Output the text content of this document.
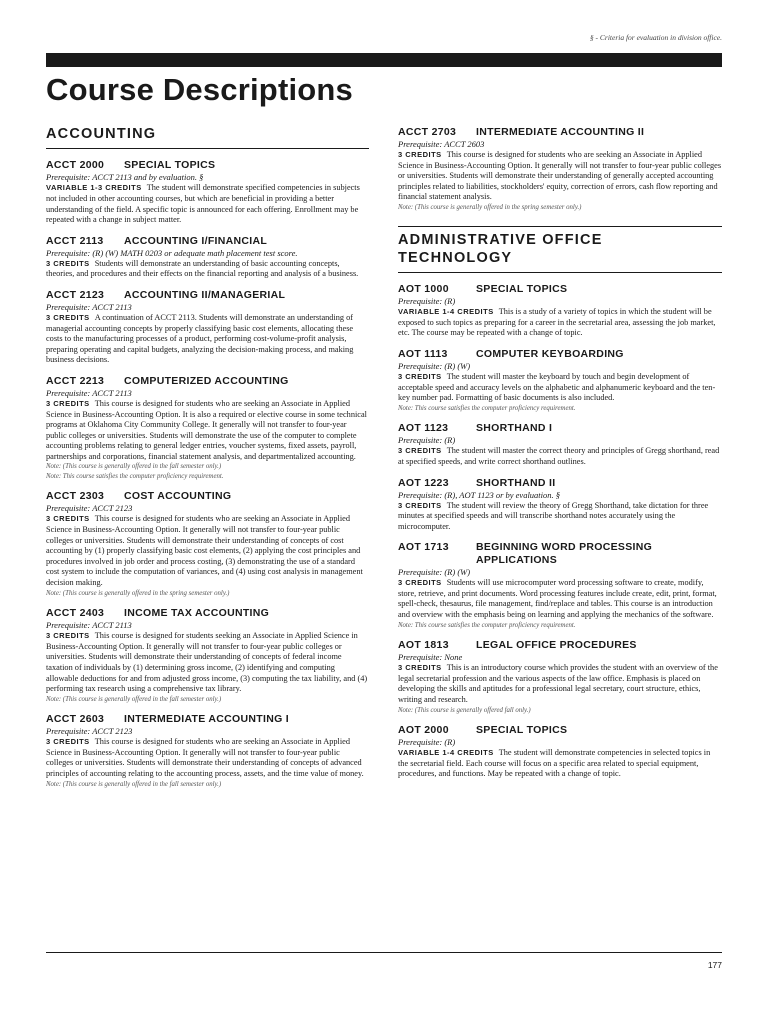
§ - Criteria for evaluation in division office.
Course Descriptions
ACCOUNTING
ACCT 2000	SPECIAL TOPICS
Prerequisite: ACCT 2113 and by evaluation. §
VARIABLE 1-3 CREDITS The student will demonstrate specified competencies in subjects not included in other accounting courses, but which are beneficial in providing a better understanding of the field. A specific topic is announced for each offering. Enrollment may be repeated with a change in subject matter.
ACCT 2113	ACCOUNTING I/FINANCIAL
Prerequisite: (R) (W) MATH 0203 or adequate math placement test score.
3 CREDITS Students will demonstrate an understanding of basic accounting concepts, theories, and procedures and their effects on the financial reporting and analysis of a business.
ACCT 2123	ACCOUNTING II/MANAGERIAL
Prerequisite: ACCT 2113
3 CREDITS A continuation of ACCT 2113. Students will demonstrate an understanding of managerial accounting concepts by properly classifying basic cost elements, allocating these costs to the manufacturing processes of a product, performing cost-volume-profit analysis, preparing operating and capital budgets, analyzing the decision-making process, and making business decisions.
ACCT 2213	COMPUTERIZED ACCOUNTING
Prerequisite: ACCT 2113
3 CREDITS This course is designed for students who are seeking an Associate in Applied Science in Business-Accounting Option. It is also a required or elective course in some technical programs at Oklahoma City Community College. It generally will not transfer to four-year public colleges or universities. Students will demonstrate the use of the computer to complete accounting problems relating to general ledger entries, voucher systems, fixed assets, payroll, partnerships and corporations, financial statement analysis, and departmentalized accounting.
Note: (This course is generally offered in the fall semester only.)
Note: This course satisfies the computer proficiency requirement.
ACCT 2303	COST ACCOUNTING
Prerequisite: ACCT 2123
3 CREDITS This course is designed for students who are seeking an Associate in Applied Science in Business-Accounting Option. It generally will not transfer to four-year public colleges or universities. Students will demonstrate their understanding of concepts of cost accounting by (1) properly classifying basic cost elements, (2) applying the cost principles and procedures involved in job order and process costing, (3) demonstrating the use of a standard cost system to include the computation of variances, and (4) using cost analysis in management decision making.
Note: (This course is generally offered in the spring semester only.)
ACCT 2403	INCOME TAX ACCOUNTING
Prerequisite: ACCT 2113
3 CREDITS This course is designed for students seeking an Associate in Applied Science in Business-Accounting Option. It generally will not transfer to four-year public colleges or universities. Students will demonstrate their understanding of concepts of federal income taxation of individuals by (1) determining gross income, (2) identifying and computing allowable deductions for and from adjusted gross income, (3) computing the tax liability, and (4) performing tax research using a comprehensive tax library.
Note: (This course is generally offered in the fall semester only.)
ACCT 2603	INTERMEDIATE ACCOUNTING I
Prerequisite: ACCT 2123
3 CREDITS This course is designed for students who are seeking an Associate in Applied Science in Business-Accounting Option. It generally will not transfer to four-year public colleges or universities. Students will demonstrate their understanding of concepts of advanced principles of accounting relating to the accounting process, assets, and the time value of money.
Note: (This course is generally offered in the fall semester only.)
ACCT 2703	INTERMEDIATE ACCOUNTING II
Prerequisite: ACCT 2603
3 CREDITS This course is designed for students who are seeking an Associate in Applied Science in Business-Accounting Option. It generally will not transfer to four-year public colleges or universities. Students will demonstrate their understanding of generally accepted accounting principles related to liabilities, stockholders' equity, correction of errors, cash flow reporting and financial statement analysis.
Note: (This course is generally offered in the spring semester only.)
ADMINISTRATIVE OFFICE TECHNOLOGY
AOT 1000	SPECIAL TOPICS
Prerequisite: (R)
VARIABLE 1-4 CREDITS This is a study of a variety of topics in which the student will be exposed to such topics as preparing for a career in the secretarial area, assessing the job market, etc. The course may be repeated with a change of topic.
AOT 1113	COMPUTER KEYBOARDING
Prerequisite: (R) (W)
3 CREDITS The student will master the keyboard by touch and begin development of acceptable speed and accuracy levels on the alphabetic and alphanumeric keyboard and the ten-key number pad. Formatting of basic documents is also included.
Note: This course satisfies the computer proficiency requirement.
AOT 1123	SHORTHAND I
Prerequisite: (R)
3 CREDITS The student will master the correct theory and principles of Gregg shorthand, read at specified speeds, and write correct shorthand outlines.
AOT 1223	SHORTHAND II
Prerequisite: (R), AOT 1123 or by evaluation. §
3 CREDITS The student will review the theory of Gregg Shorthand, take dictation for three minutes at specified speeds and will transcribe shorthand notes accurately using the microcomputer.
AOT 1713	BEGINNING WORD PROCESSING APPLICATIONS
Prerequisite: (R) (W)
3 CREDITS Students will use microcomputer word processing software to create, modify, store, retrieve, and print documents. Word processing features include create, edit, print, format, spell-check, thesaurus, file management, find/replace and tables. This course is an introduction and overview with the emphasis being on learning and applying the mechanics of the software.
Note: This course satisfies the computer proficiency requirement.
AOT 1813	LEGAL OFFICE PROCEDURES
Prerequisite: None
3 CREDITS This is an introductory course which provides the student with an overview of the legal secretarial profession and the various aspects of the law office. Emphasis is placed on developing the skills and aptitudes for a professional legal secretary, court structure, ethics, writing and research.
Note: (This course is generally offered fall only.)
AOT 2000	SPECIAL TOPICS
Prerequisite: (R)
VARIABLE 1-4 CREDITS The student will demonstrate competencies in selected topics in the secretarial field. Each course will focus on a specific area related to special equipment, procedures, and functions. May be repeated with a change of topic.
177
